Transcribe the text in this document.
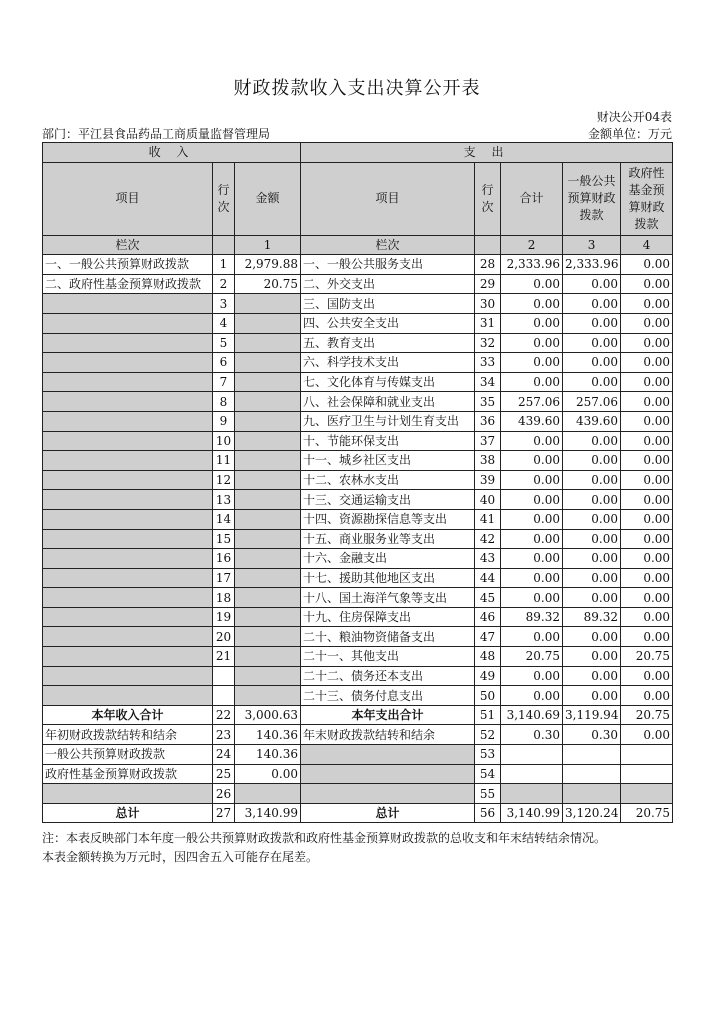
财政拨款收入支出决算公开表
财决公开04表
部门：平江县食品药品工商质量监督管理局	金额单位：万元
收 入			支 出				
项目	行次	金额	项目	行次	合计	一般公共预算财政拨款	政府性基金预算财政拨款
栏次		1	栏次		2	3	4
一、一般公共预算财政拨款	1	2,979.88	一、一般公共服务支出	28	2,333.96	2,333.96	0.00
二、政府性基金预算财政拨款	2	20.75	二、外交支出	29	0.00	0.00	0.00
	3		三、国防支出	30	0.00	0.00	0.00
	4		四、公共安全支出	31	0.00	0.00	0.00
	5		五、教育支出	32	0.00	0.00	0.00
	6		六、科学技术支出	33	0.00	0.00	0.00
	7		七、文化体育与传媒支出	34	0.00	0.00	0.00
	8		八、社会保障和就业支出	35	257.06	257.06	0.00
	9		九、医疗卫生与计划生育支出	36	439.60	439.60	0.00
	10		十、节能环保支出	37	0.00	0.00	0.00
	11		十一、城乡社区支出	38	0.00	0.00	0.00
	12		十二、农林水支出	39	0.00	0.00	0.00
	13		十三、交通运输支出	40	0.00	0.00	0.00
	14		十四、资源勘探信息等支出	41	0.00	0.00	0.00
	15		十五、商业服务业等支出	42	0.00	0.00	0.00
	16		十六、金融支出	43	0.00	0.00	0.00
	17		十七、援助其他地区支出	44	0.00	0.00	0.00
	18		十八、国土海洋气象等支出	45	0.00	0.00	0.00
	19		十九、住房保障支出	46	89.32	89.32	0.00
	20		二十、粮油物资储备支出	47	0.00	0.00	0.00
	21		二十一、其他支出	48	20.75	0.00	20.75
			二十二、债务还本支出	49	0.00	0.00	0.00
			二十三、债务付息支出	50	0.00	0.00	0.00
本年收入合计	22	3,000.63	本年支出合计	51	3,140.69	3,119.94	20.75
年初财政拨款结转和结余	23	140.36	年末财政拨款结转和结余	52	0.30	0.30	0.00
一般公共预算财政拨款	24	140.36		53			
政府性基金预算财政拨款	25	0.00		54			
	26			55			
总计	27	3,140.99	总计	56	3,140.99	3,120.24	20.75
注：本表反映部门本年度一般公共预算财政拨款和政府性基金预算财政拨款的总收支和年末结转结余情况。
本表金额转换为万元时，因四舍五入可能存在尾差。
